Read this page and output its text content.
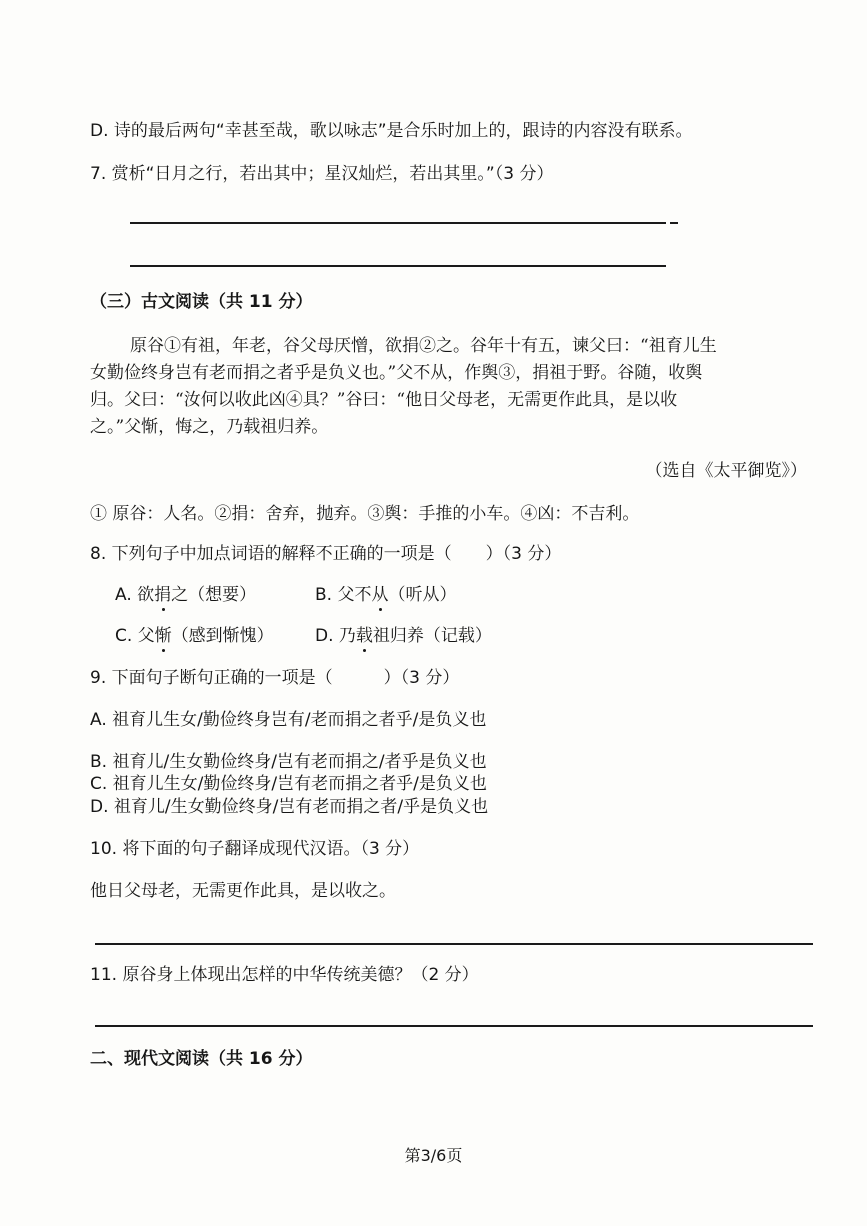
D. 诗的最后两句“幸甚至哉，歌以咏志”是合乐时加上的，跟诗的内容没有联系。
7. 赏析“日月之行，若出其中；星汉灿烂，若出其里。”（3 分）
（三）古文阅读（共 11 分）
原谷①有祖，年老，谷父母厌憎，欲捐②之。谷年十有五，谏父曰：“祖育儿生
女勤俭终身岂有老而捐之者乎是负义也。”父不从，作舆③，捐祖于野。谷随，收舆
归。父曰：“汝何以收此凶④具？”谷曰：“他日父母老，无需更作此具，是以收
之。”父惭，悔之，乃载祖归养。
（选自《太平御览》）
① 原谷：人名。②捐：舍弃，抛弃。③舆：手推的小车。④凶：不吉利。
8. 下列句子中加点词语的解释不正确的一项是（　　）（3 分）
A. 欲捐之（想要）	B. 父不从（听从）
C. 父惭（感到惭愧） D. 乃载祖归养（记载）
9. 下面句子断句正确的一项是（　　　）（3 分）
A. 祖育儿生女/勤俭终身岂有/老而捐之者乎/是负义也
B. 祖育儿/生女勤俭终身/岂有老而捐之/者乎是负义也
C. 祖育儿生女/勤俭终身/岂有老而捐之者乎/是负义也
D. 祖育儿/生女勤俭终身/岂有老而捐之者/乎是负义也
10. 将下面的句子翻译成现代汉语。（3 分）
他日父母老，无需更作此具，是以收之。
11. 原谷身上体现出怎样的中华传统美德？（2 分）
二、现代文阅读（共 16 分）
第3/6页
